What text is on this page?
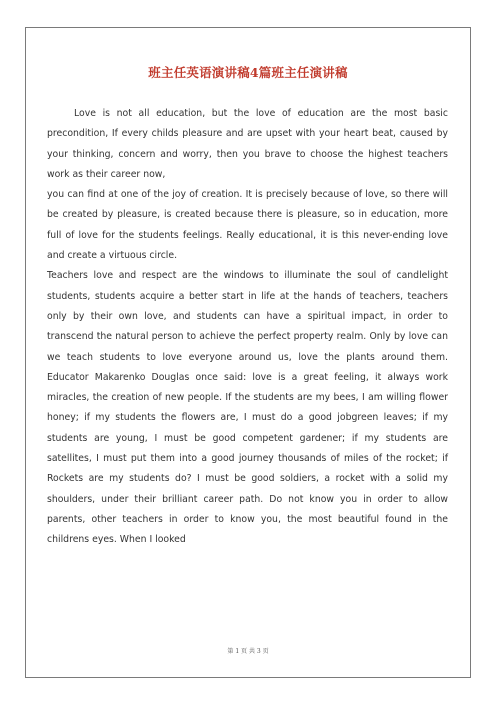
班主任英语演讲稿4篇班主任演讲稿

Love is not all education, but the love of education are the most basic precondition, If every childs pleasure and are upset with your heart beat, caused by your thinking, concern and worry, then you brave to choose the highest teachers work as their career now,

you can find at one of the joy of creation. It is precisely because of love, so there will be created by pleasure, is created because there is pleasure, so in education, more full of love for the students feelings. Really educational, it is this never-ending love and create a virtuous circle.

Teachers love and respect are the windows to illuminate the soul of candlelight students, students acquire a better start in life at the hands of teachers, teachers only by their own love, and students can have a spiritual impact, in order to transcend the natural person to achieve the perfect property realm. Only by love can we teach students to love everyone around us, love the plants around them. Educator Makarenko Douglas once said: love is a great feeling, it always work miracles, the creation of new people. If the students are my bees, I am willing flower honey; if my students the flowers are, I must do a good jobgreen leaves; if my students are young, I must be good competent gardener; if my students are satellites, I must put them into a good journey thousands of miles of the rocket; if Rockets are my students do? I must be good soldiers, a rocket with a solid my shoulders, under their brilliant career path. Do not know you in order to allow parents, other teachers in order to know you, the most beautiful found in the childrens eyes. When I looked

第 1 页 共 3 页
